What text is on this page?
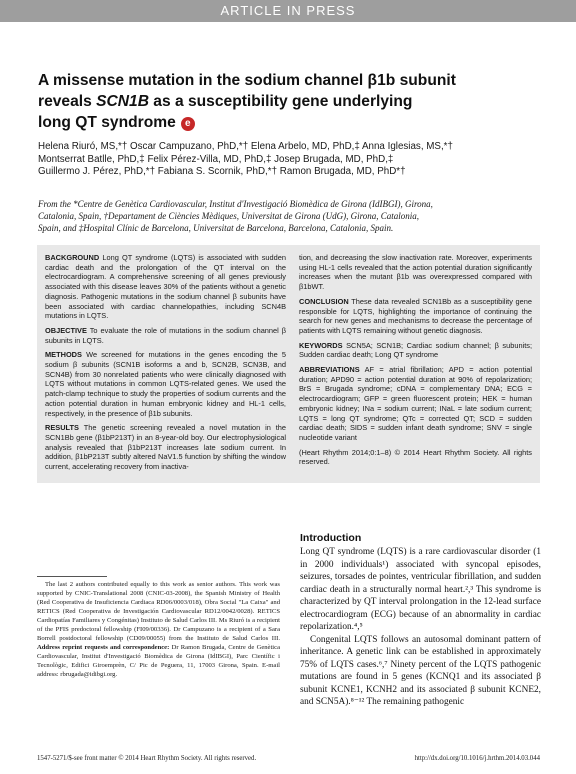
ARTICLE IN PRESS
A missense mutation in the sodium channel β1b subunit
reveals SCN1B as a susceptibility gene underlying
long QT syndrome e

Helena Riuró, MS,*† Oscar Campuzano, PhD,*† Elena Arbelo, MD, PhD,‡ Anna Iglesias, MS,*†

Montserrat Batlle, PhD,‡ Felix Pérez-Villa, MD, PhD,‡ Josep Brugada, MD, PhD,‡

Guillermo J. Pérez, PhD,*† Fabiana S. Scornik, PhD,*† Ramon Brugada, MD, PhD*†

From the *Centre de Genètica Cardiovascular, Institut d'Investigació Biomèdica de Girona (IdIBGI), Girona,

Catalonia, Spain, †Departament de Ciències Mèdiques, Universitat de Girona (UdG), Girona, Catalonia,

Spain, and ‡Hospital Clínic de Barcelona, Universitat de Barcelona, Barcelona, Catalonia, Spain.

BACKGROUND Long QT syndrome (LQTS) is associated with sudden cardiac death and the prolongation of the QT interval on the electrocardiogram. A comprehensive screening of all genes previously associated with this disease leaves 30% of the patients without a genetic diagnosis. Pathogenic mutations in the sodium channel β subunits have been associated with cardiac channelopathies, including SCN4B mutations in LQTS.

OBJECTIVE To evaluate the role of mutations in the sodium channel β subunits in LQTS.

METHODS We screened for mutations in the genes encoding the 5 sodium β subunits (SCN1B isoforms a and b, SCN2B, SCN3B, and SCN4B) from 30 nonrelated patients who were clinically diagnosed with LQTS without mutations in common LQTS-related genes. We used the patch-clamp technique to study the properties of sodium currents and the action potential duration in human embryonic kidney and HL-1 cells, respectively, in the presence of β1b subunits.

RESULTS The genetic screening revealed a novel mutation in the SCN1Bb gene (β1bP213T) in an 8-year-old boy. Our electrophysiological analysis revealed that β1bP213T increases late sodium current. In addition, β1bP213T subtly altered NaV1.5 function by shifting the window current, accelerating recovery from inactiva-

tion, and decreasing the slow inactivation rate. Moreover, experiments using HL-1 cells revealed that the action potential duration significantly increases when the mutant β1b was overexpressed compared with β1bWT.

CONCLUSION These data revealed SCN1Bb as a susceptibility gene responsible for LQTS, highlighting the importance of continuing the search for new genes and mechanisms to decrease the percentage of patients with LQTS remaining without genetic diagnosis.

KEYWORDS SCN5A; SCN1B; Cardiac sodium channel; β subunits; Sudden cardiac death; Long QT syndrome

ABBREVIATIONS AF = atrial fibrillation; APD = action potential duration; APD90 = action potential duration at 90% of repolarization; BrS = Brugada syndrome; cDNA = complementary DNA; ECG = electrocardiogram; GFP = green fluorescent protein; HEK = human embryonic kidney; INa = sodium current; INaL = late sodium current; LQTS = long QT syndrome; QTc = corrected QT; SCD = sudden cardiac death; SIDS = sudden infant death syndrome; SNV = single nucleotide variant

(Heart Rhythm 2014;0:1–8) © 2014 Heart Rhythm Society. All rights reserved.

Introduction

Long QT syndrome (LQTS) is a rare cardiovascular disorder (1 in 2000 individuals¹) associated with syncopal episodes, seizures, torsades de pointes, ventricular fibrillation, and sudden cardiac death in a structurally normal heart.²,³ This syndrome is characterized by QT interval prolongation in the 12-lead surface electrocardiogram (ECG) because of an abnormality in cardiac repolarization.⁴,⁵

Congenital LQTS follows an autosomal dominant pattern of inheritance. A genetic link can be established in approximately 75% of LQTS cases.⁶,⁷ Ninety percent of the LQTS pathogenic mutations are found in 5 genes (KCNQ1 and its associated β subunit KCNE1, KCNH2 and its associated β subunit KCNE2, and SCN5A).⁸⁻¹² The remaining pathogenic

The last 2 authors contributed equally to this work as senior authors. This work was supported by CNIC-Translational 2008 (CNIC-03-2008), the Spanish Ministry of Health (Red Cooperativa de Insuficiencia Cardiaca RD06/0003/018), Obra Social "La Caixa" and RETICS (Red Cooperativa de Investigación Cardiovascular RD12/0042/0028). RETICS Cardiopatías Familiares y Congénitas) Instituto de Salud Carlos III. Ms Riuró is a recipient of the PFIS predoctoral fellowship (FI09/00336). Dr Campuzano is a recipient of a Sara Borrell postdoctoral fellowship (CD09/00055) from the Instituto de Salud Carlos III. Address reprint requests and correspondence: Dr Ramon Brugada, Centre de Genètica Cardiovascular, Institut d'Investigació Biomèdica de Girona (IdIBGI), Parc Científic i Tecnològic, Edifici Giroemprèn, C/ Pic de Peguera, 11, 17003 Girona, Spain. E-mail address: rbrugada@idibgi.org.

1547-5271/$-see front matter © 2014 Heart Rhythm Society. All rights reserved.	http://dx.doi.org/10.1016/j.hrthm.2014.03.044
